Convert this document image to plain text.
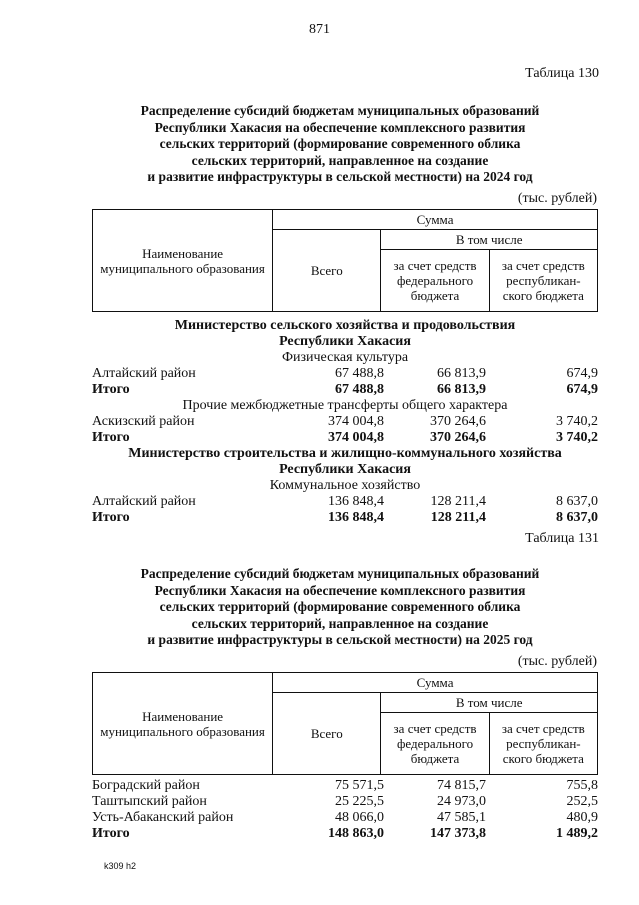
871
Таблица 130
Распределение субсидий бюджетам муниципальных образований
Республики Хакасия на обеспечение комплексного развития
сельских территорий (формирование современного облика
сельских территорий, направленное на создание
и развитие инфраструктуры в сельской местности) на 2024 год
(тыс. рублей)
Наименование муниципального образования	Сумма		
	Всего	В том числе	
		за счет средств федерального бюджета	за счет средств республикан-ского бюджета
Министерство сельского хозяйства и продовольствия
Республики Хакасия
Физическая культура
Алтайский район	67 488,8	66 813,9	674,9
Итого	67 488,8	66 813,9	674,9
Прочие межбюджетные трансферты общего характера
Аскизский район	374 004,8	370 264,6	3 740,2
Итого	374 004,8	370 264,6	3 740,2
Министерство строительства и жилищно-коммунального хозяйства
Республики Хакасия
Коммунальное хозяйство
Алтайский район	136 848,4	128 211,4	8 637,0
Итого	136 848,4	128 211,4	8 637,0
Таблица 131
Распределение субсидий бюджетам муниципальных образований
Республики Хакасия на обеспечение комплексного развития
сельских территорий (формирование современного облика
сельских территорий, направленное на создание
и развитие инфраструктуры в сельской местности) на 2025 год
(тыс. рублей)
Наименование муниципального образования	Сумма		
	Всего	В том числе	
		за счет средств федерального бюджета	за счет средств республикан-ского бюджета
Боградский район	75 571,5	74 815,7	755,8
Таштыпский район	25 225,5	24 973,0	252,5
Усть-Абаканский район	48 066,0	47 585,1	480,9
Итого	148 863,0	147 373,8	1 489,2
k309 h2
